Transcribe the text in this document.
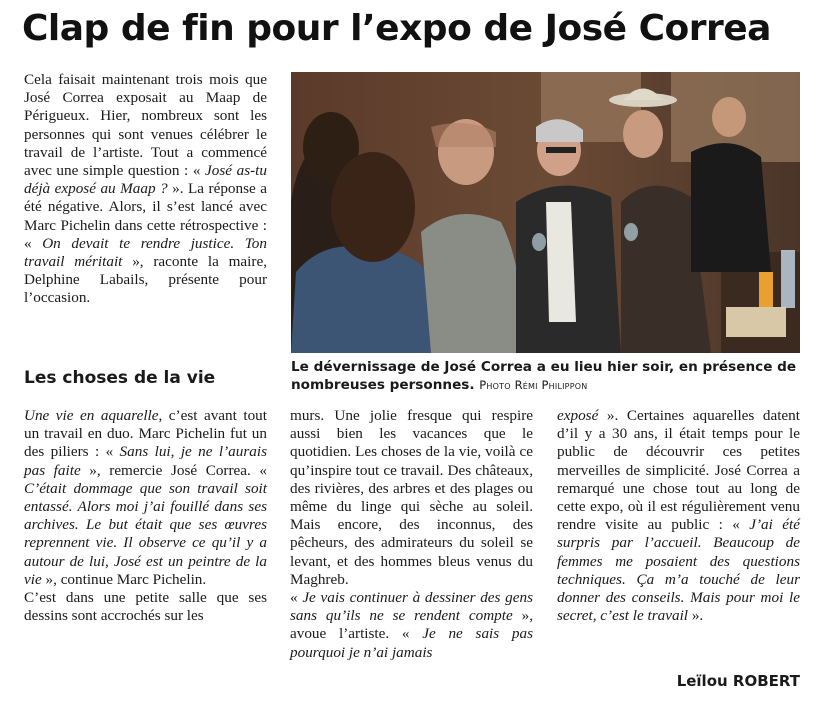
Clap de fin pour l’expo de José Correa

Cela faisait maintenant trois mois que José Correa exposait au Maap de Périgueux. Hier, nombreux sont les personnes qui sont venues célébrer le travail de l’artiste. Tout a commencé avec une simple question : « José as-tu déjà exposé au Maap ? ». La réponse a été négative. Alors, il s’est lancé avec Marc Pichelin dans cette rétrospective : « On devait te rendre justice. Ton travail méritait », raconte la maire, Delphine Labails, présente pour l’occasion.

Le dévernissage de José Correa a eu lieu hier soir, en présence de nombreuses personnes. Photo Rémi Philippon
Les choses de la vie

Une vie en aquarelle, c’est avant tout un travail en duo. Marc Pichelin fut un des piliers : « Sans lui, je ne l’aurais pas faite », remercie José Correa. « C’était dommage que son travail soit entassé. Alors moi j’ai fouillé dans ses archives. Le but était que ses œuvres reprennent vie. Il observe ce qu’il y a autour de lui, José est un peintre de la vie », continue Marc Pichelin.

C’est dans une petite salle que ses dessins sont accrochés sur les

murs. Une jolie fresque qui respire aussi bien les vacances que le quotidien. Les choses de la vie, voilà ce qu’inspire tout ce travail. Des châteaux, des rivières, des arbres et des plages ou même du linge qui sèche au soleil. Mais encore, des inconnus, des pêcheurs, des admirateurs du soleil se levant, et des hommes bleus venus du Maghreb.

« Je vais continuer à dessiner des gens sans qu’ils ne se rendent compte », avoue l’artiste. « Je ne sais pas pourquoi je n’ai jamais

exposé ». Certaines aquarelles datent d’il y a 30 ans, il était temps pour le public de découvrir ces petites merveilles de simplicité. José Correa a remarqué une chose tout au long de cette expo, où il est régulièrement venu rendre visite au public : « J’ai été surpris par l’accueil. Beaucoup de femmes me posaient des questions techniques. Ça m’a touché de leur donner des conseils. Mais pour moi le secret, c’est le travail ».

Leïlou ROBERT
